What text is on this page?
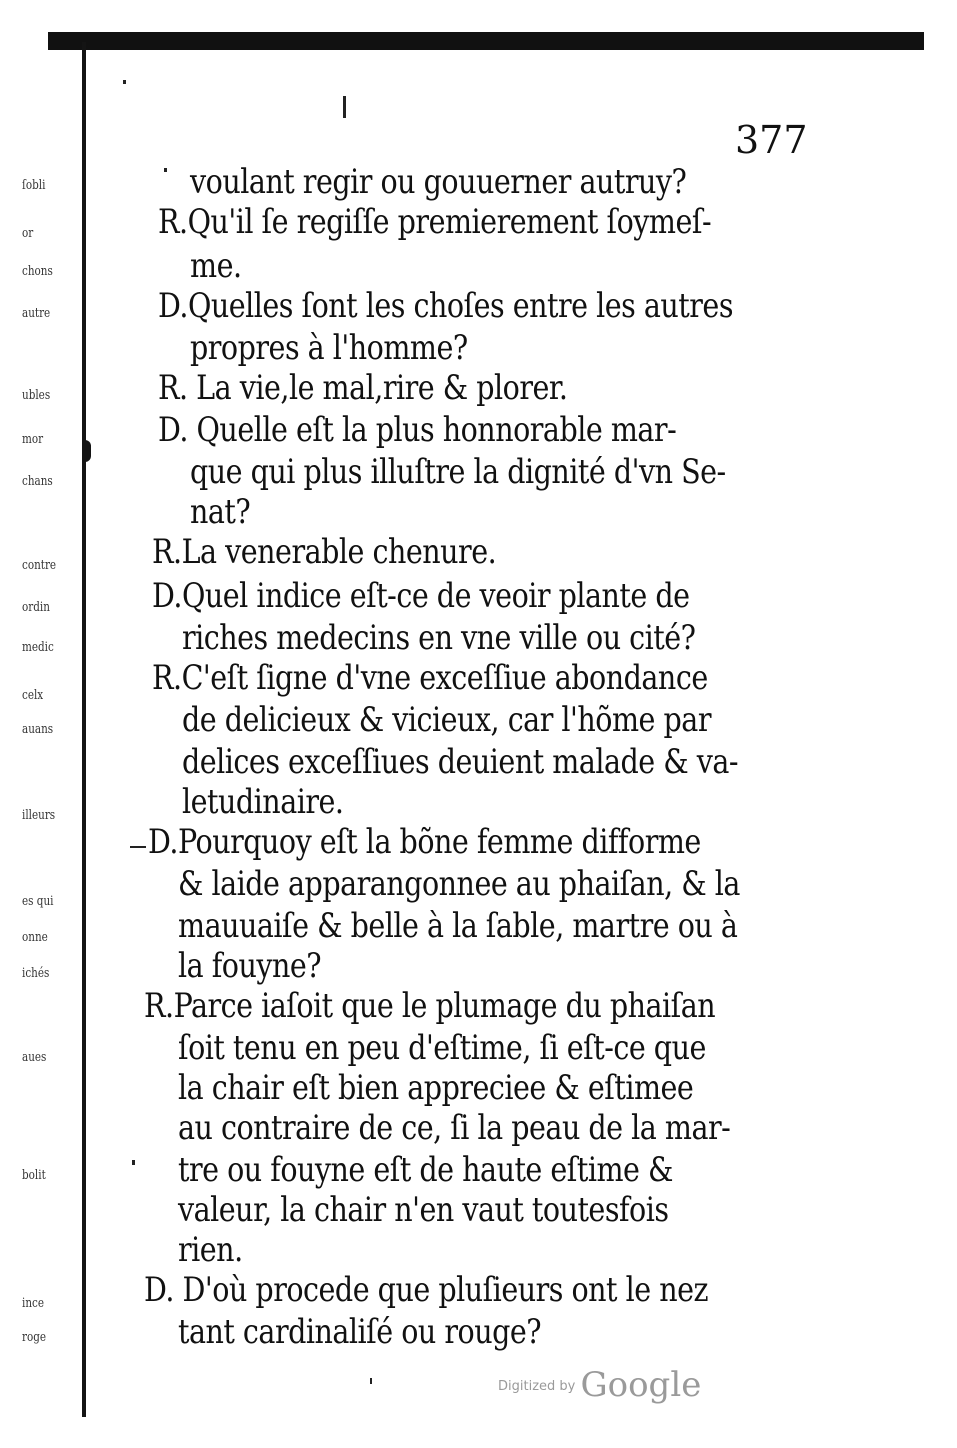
ſobli
or
chons
autre
ubles
mor
chans
contre
ordin
medic
celx
auans
illeurs
es qui
onne
ichés
aues
bolit
ince
roge
377
voulant regir ou gouuerner autruy?
R.Qu'il ſe regiſſe premierement ſoymeſ-
me.
D.Quelles ſont les choſes entre les autres
propres à l'homme?
R. La vie,le mal,rire & plorer.
D. Quelle eſt la plus honnorable mar-
que qui plus illuſtre la dignité d'vn Se-
nat?
R.La venerable chenure.
D.Quel indice eſt-ce de veoir plante de
riches medecins en vne ville ou cité?
R.C'eſt ſigne d'vne exceſſiue abondance
de delicieux & vicieux, car l'hõme par
delices exceſſiues deuient malade & va-
letudinaire.
D.Pourquoy eſt la bõne femme difforme
& laide apparangonnee au phaiſan, & la
mauuaiſe & belle à la ſable, martre ou à
la fouyne?
R.Parce iaſoit que le plumage du phaiſan
ſoit tenu en peu d'eſtime, ſi eſt-ce que
la chair eſt bien appreciee & eſtimee
au contraire de ce, ſi la peau de la mar-
tre ou fouyne eſt de haute eſtime &
valeur, la chair n'en vaut toutesfois
rien.
D. D'où procede que pluſieurs ont le nez
tant cardinaliſé ou rouge?
$^{Digitized by}$ Google
